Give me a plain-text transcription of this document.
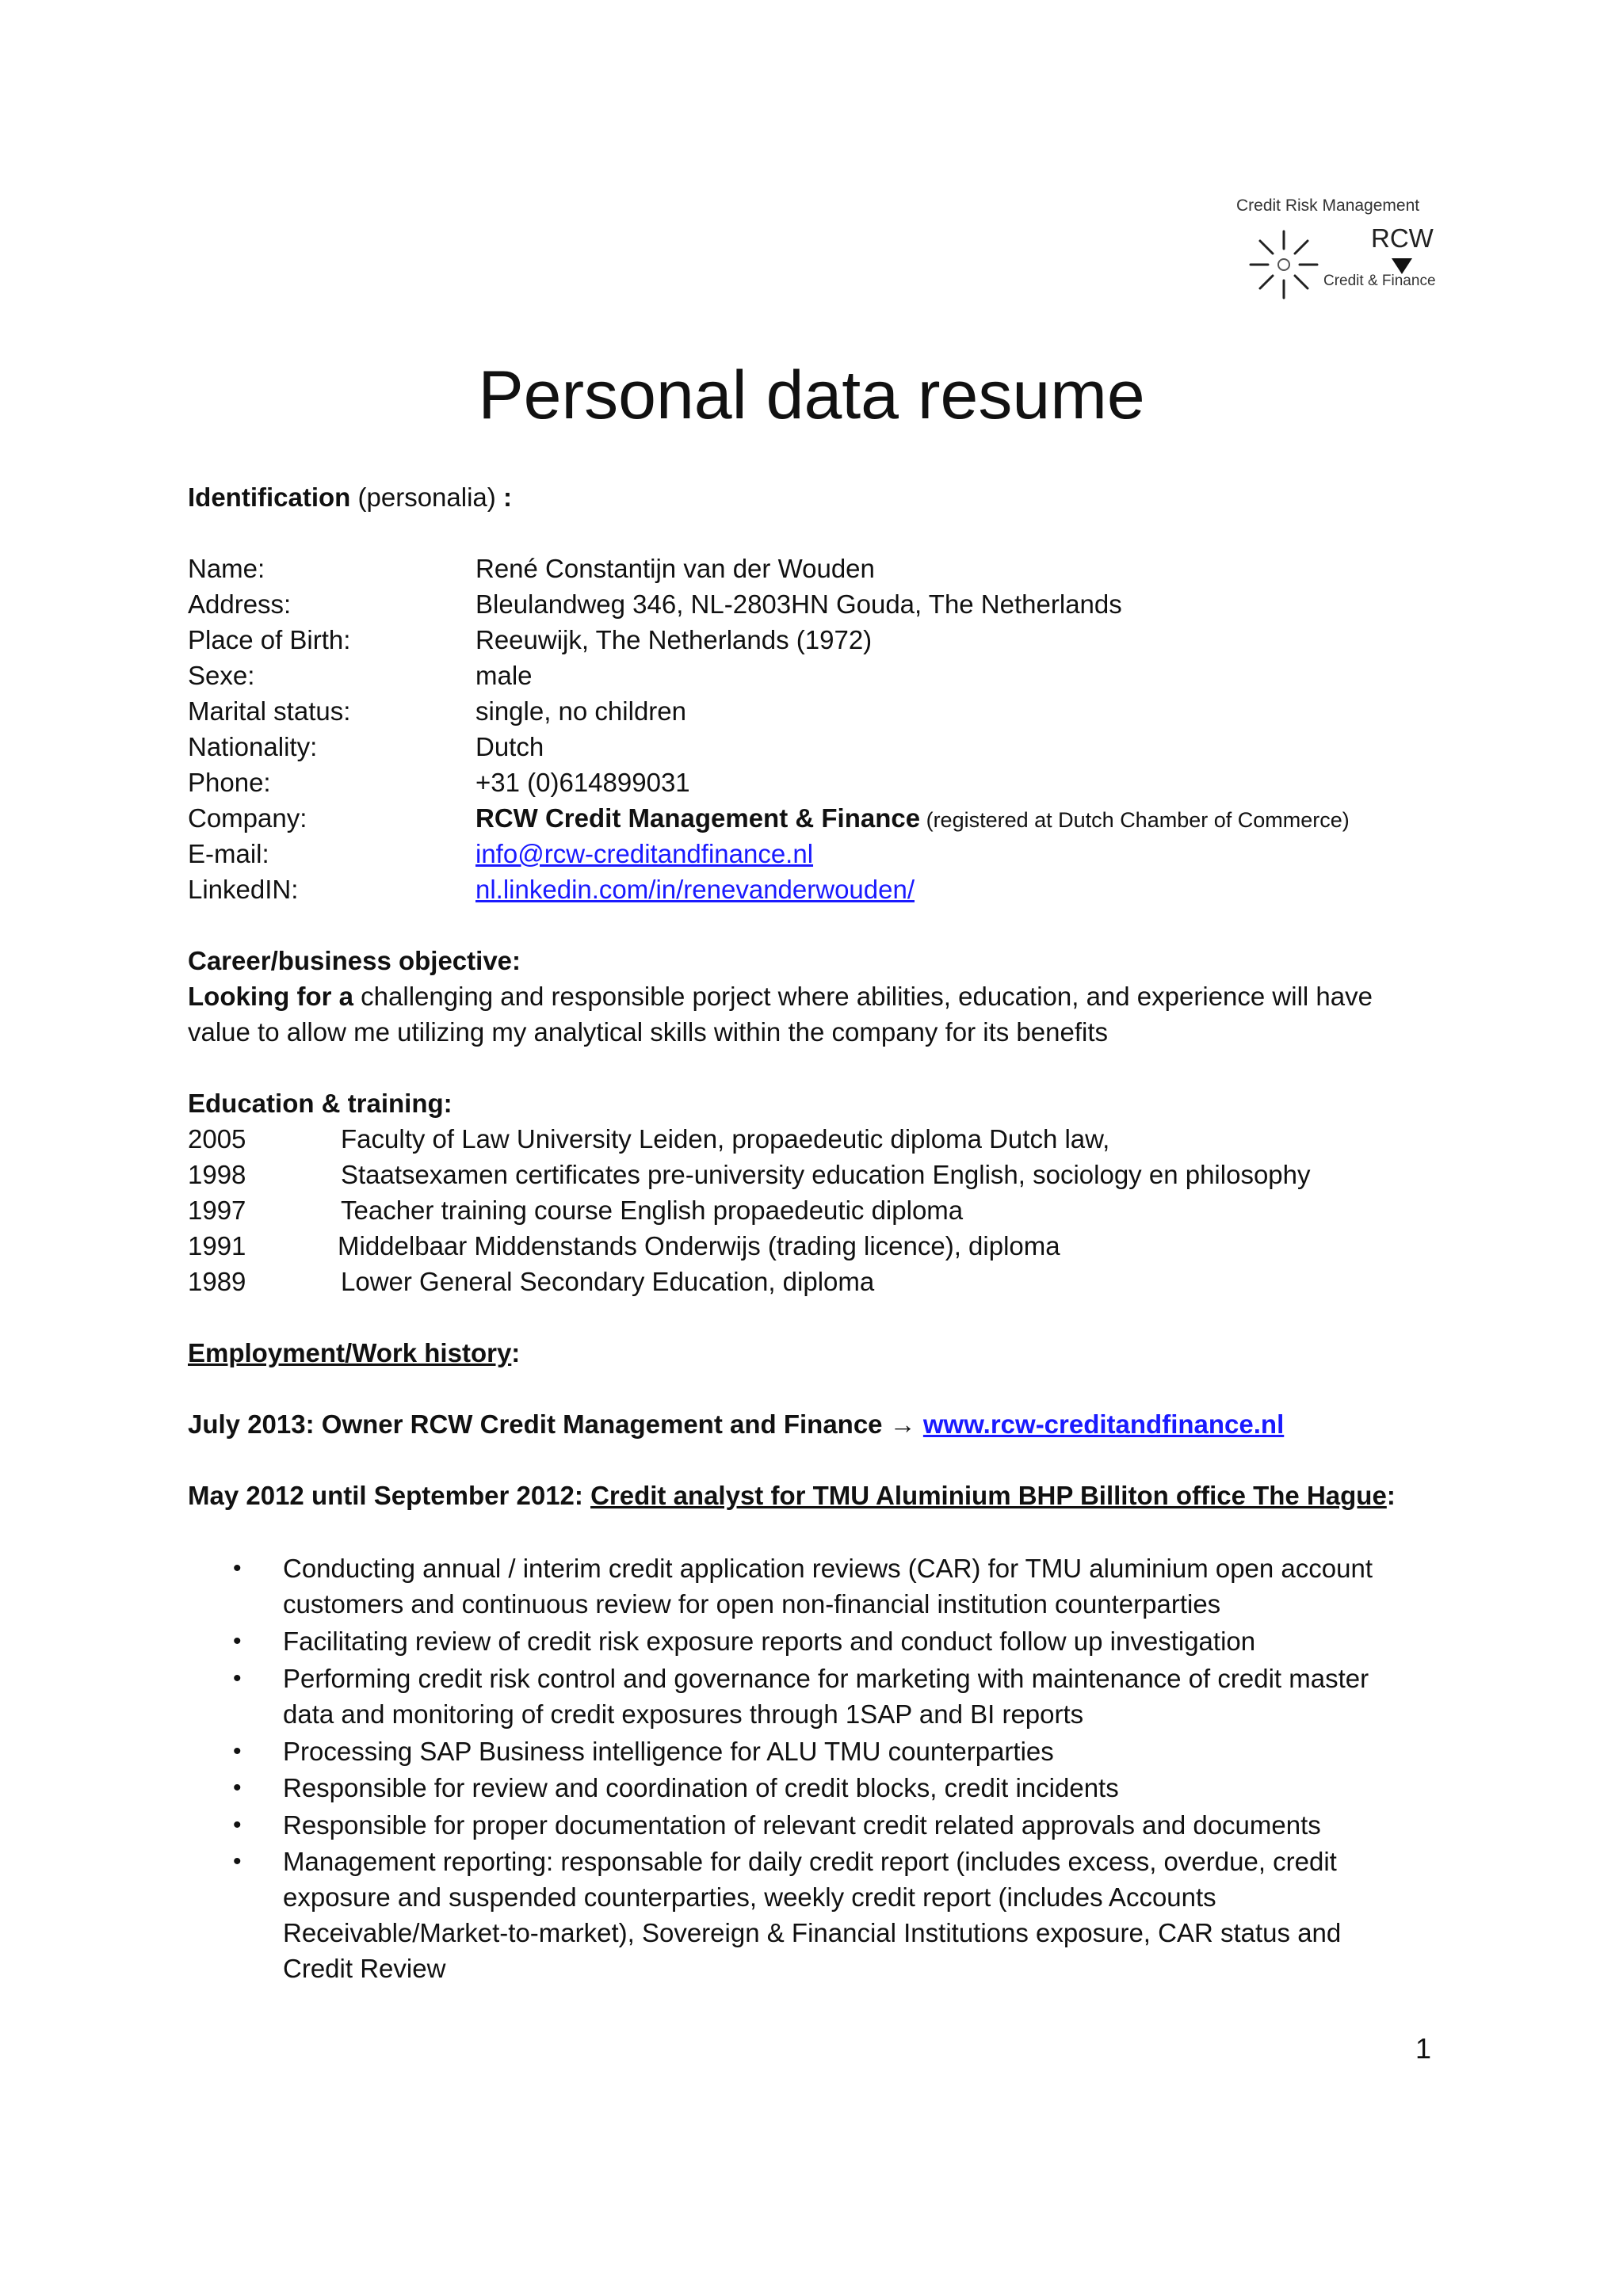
Credit Risk Management
RCW
Credit & Finance
Personal data resume
Identification (personalia) :
Name:	René Constantijn van der Wouden
Address:	Bleulandweg 346, NL-2803HN Gouda, The Netherlands
Place of Birth:	Reeuwijk, The Netherlands (1972)
Sexe:	male
Marital status:	single, no children
Nationality:	Dutch
Phone:	+31 (0)614899031
Company:	RCW Credit Management & Finance (registered at Dutch Chamber of Commerce)
E-mail:	info@rcw-creditandfinance.nl
LinkedIN:	nl.linkedin.com/in/renevanderwouden/
Career/business objective:
Looking for a challenging and responsible porject where abilities, education, and experience will have
value to allow me utilizing my analytical skills within the company for its benefits
Education & training:
2005	Faculty of Law University Leiden, propaedeutic diploma Dutch law,
1998	Staatsexamen certificates pre-university education English, sociology en philosophy
1997	Teacher training course English propaedeutic diploma
1991	Middelbaar Middenstands Onderwijs (trading licence), diploma
1989	Lower General Secondary Education, diploma
Employment/Work history:
July 2013: Owner RCW Credit Management and Finance → www.rcw-creditandfinance.nl
May 2012 until September 2012: Credit analyst for TMU Aluminium BHP Billiton office The Hague:
• Conducting annual / interim credit application reviews (CAR) for TMU aluminium open account
customers and continuous review for open non-financial institution counterparties
• Facilitating review of credit risk exposure reports and conduct follow up investigation
• Performing credit risk control and governance for marketing with maintenance of credit master
data and monitoring of credit exposures through 1SAP and BI reports
• Processing SAP Business intelligence for ALU TMU counterparties
• Responsible for review and coordination of credit blocks, credit incidents
• Responsible for proper documentation of relevant credit related approvals and documents
• Management reporting: responsable for daily credit report (includes excess, overdue, credit
exposure and suspended counterparties, weekly credit report (includes Accounts
Receivable/Market-to-market), Sovereign & Financial Institutions exposure, CAR status and
Credit Review
1
